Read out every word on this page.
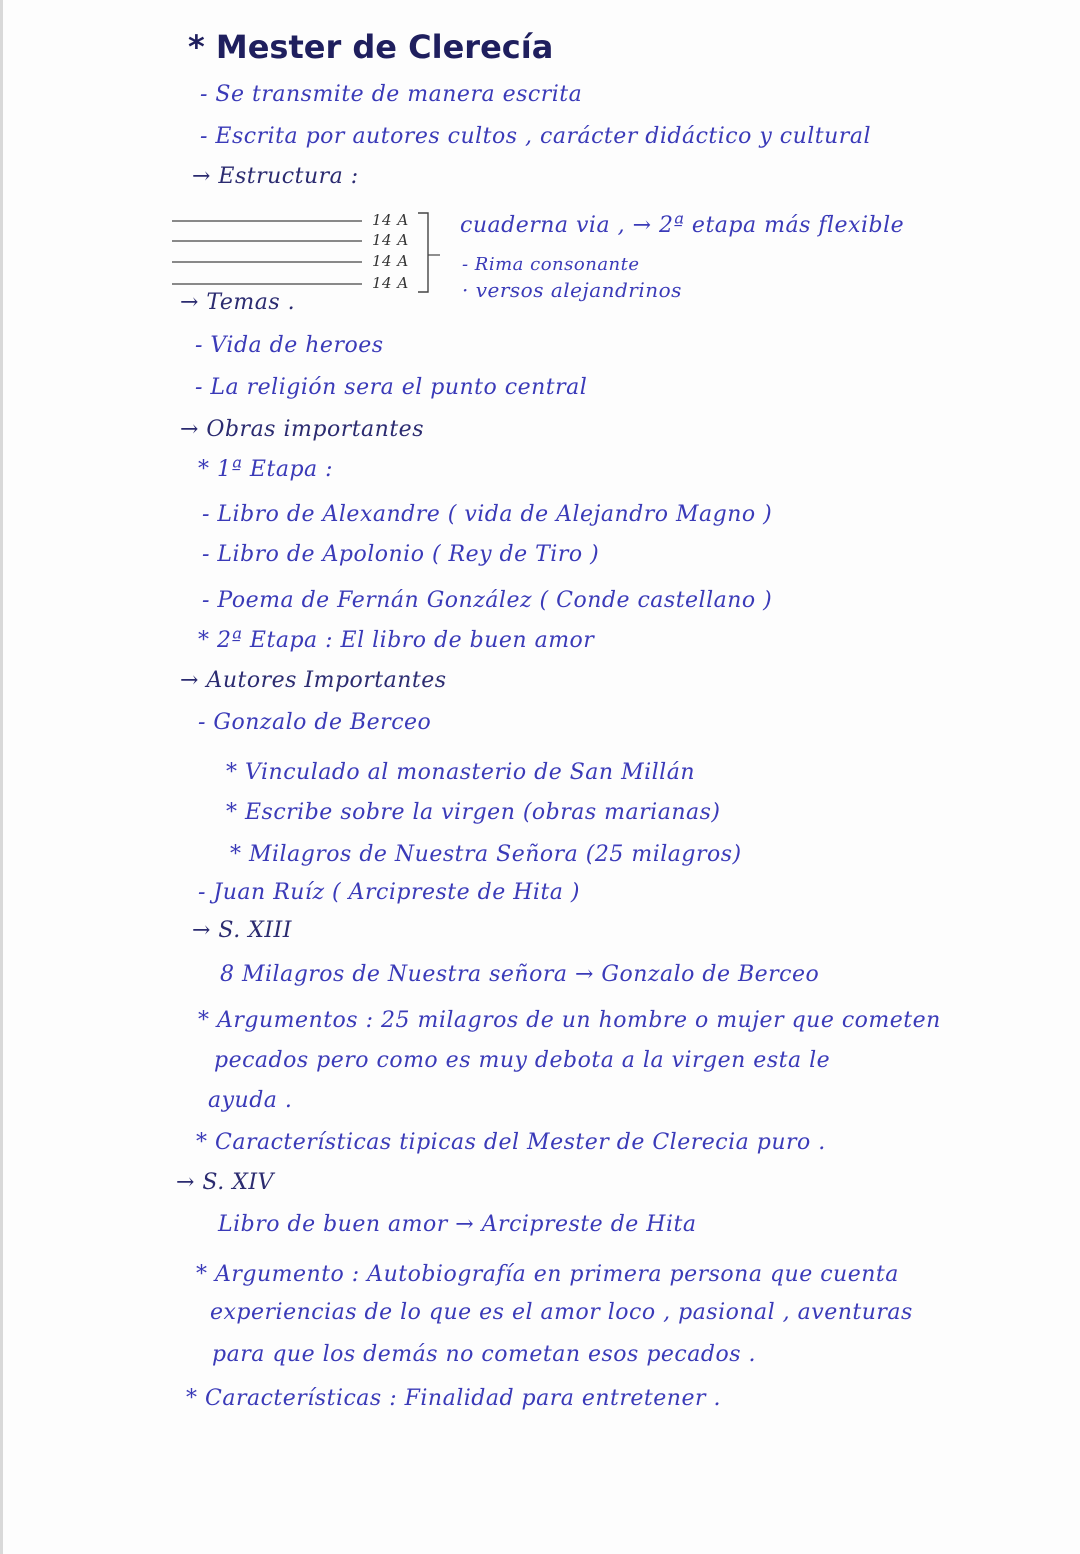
* Mester de Clerecía
- Se transmite de manera escrita
- Escrita por autores cultos , carácter didáctico y cultural
→ Estructura :
14 A
14 A
14 A
14 A
cuaderna via , → 2ª etapa más flexible
- Rima consonante
· versos alejandrinos
→ Temas .
- Vida de heroes
- La religión sera el punto central
→ Obras importantes
* 1ª Etapa :
- Libro de Alexandre ( vida de Alejandro Magno )
- Libro de Apolonio ( Rey de Tiro )
- Poema de Fernán González ( Conde castellano )
* 2ª Etapa : El libro de buen amor
→ Autores Importantes
- Gonzalo de Berceo
* Vinculado al monasterio de San Millán
* Escribe sobre la virgen (obras marianas)
* Milagros de Nuestra Señora (25 milagros)
- Juan Ruíz ( Arcipreste de Hita )
→ S. XIII
8 Milagros de Nuestra señora → Gonzalo de Berceo
* Argumentos : 25 milagros de un hombre o mujer que cometen
pecados pero como es muy debota a la virgen esta le
ayuda .
* Características tipicas del Mester de Clerecia puro .
→ S. XIV
Libro de buen amor → Arcipreste de Hita
* Argumento : Autobiografía en primera persona que cuenta
experiencias de lo que es el amor loco , pasional , aventuras
para que los demás no cometan esos pecados .
* Características : Finalidad para entretener .
